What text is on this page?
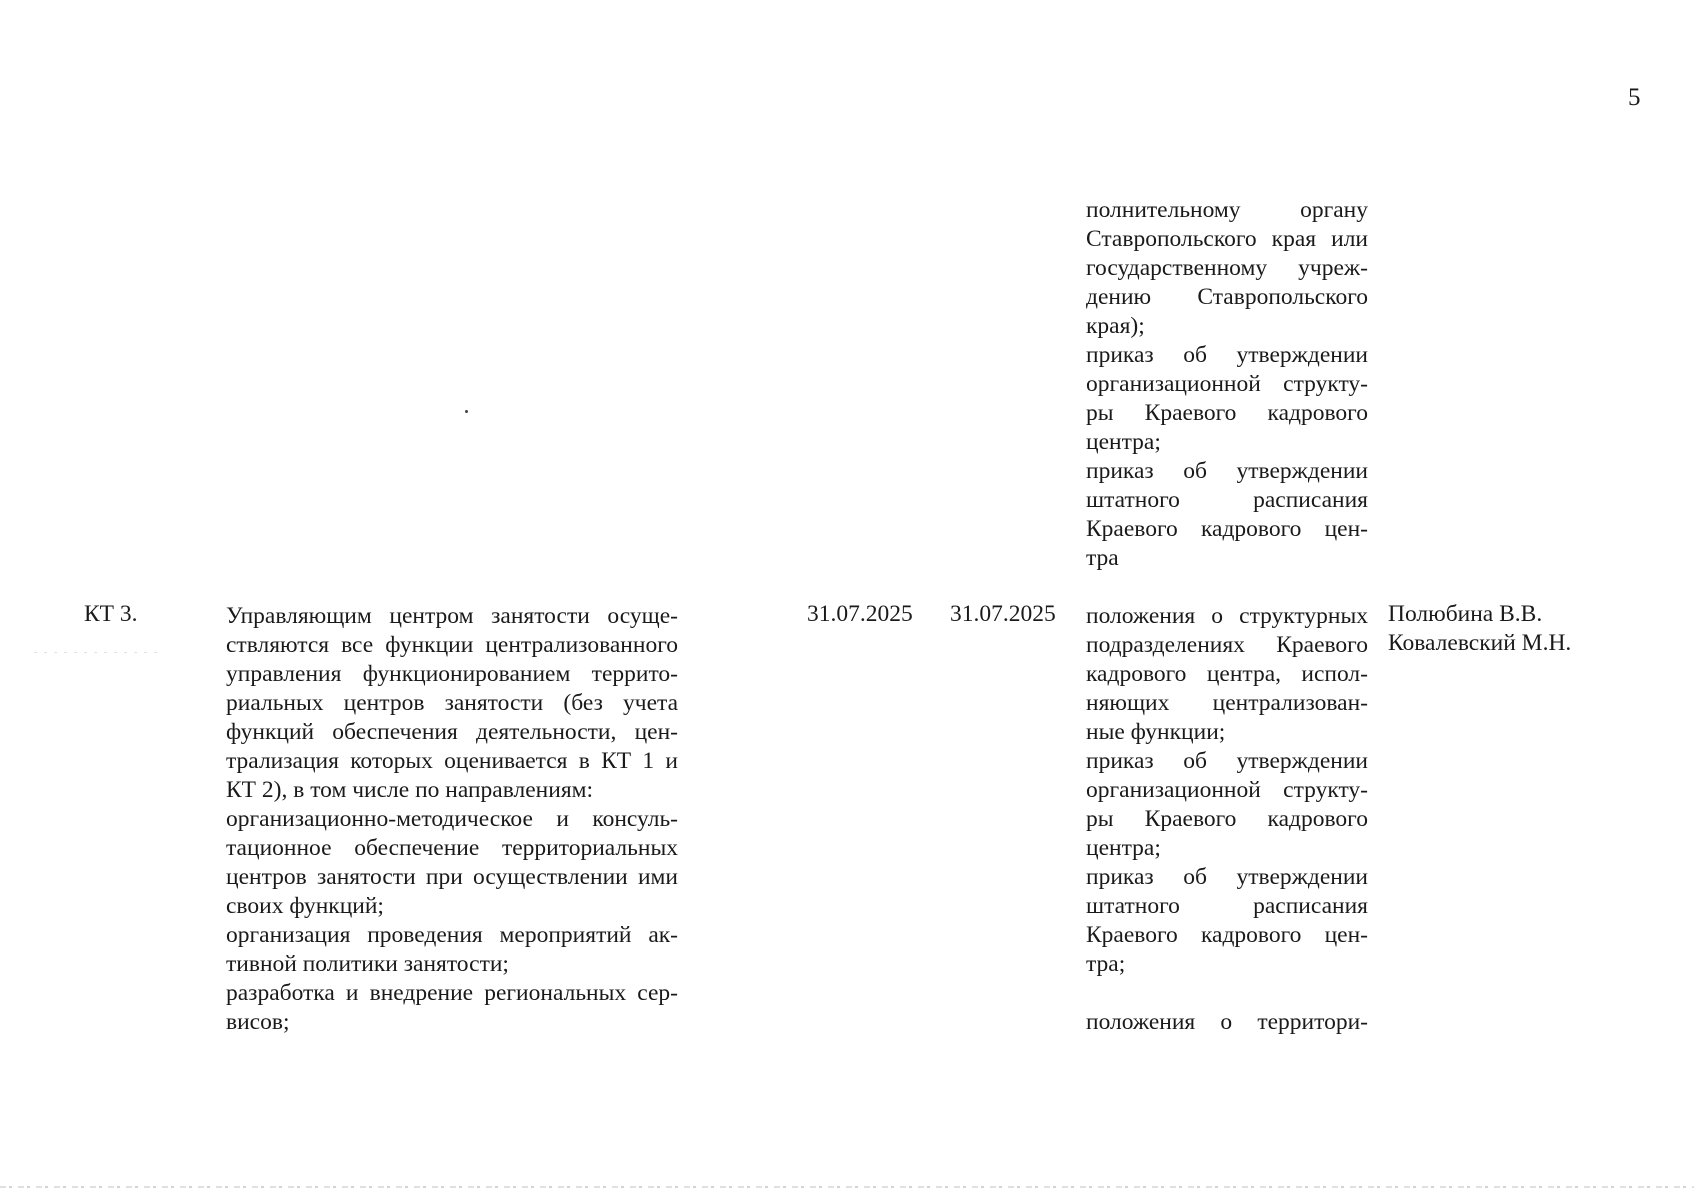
5
полнительному органу
Ставропольского края или
государственному учреж-
дению Ставропольского
края);
приказ об утверждении
организационной структу-
ры Краевого кадрового
центра;
приказ об утверждении
штатного расписания
Краевого кадрового цен-
тра
КТ 3.	Управляющим центром занятости осуще-
ствляются все функции централизованного
управления функционированием террито-
риальных центров занятости (без учета
функций обеспечения деятельности, цен-
трализация которых оценивается в КТ 1 и
КТ 2), в том числе по направлениям:
организационно-методическое и консуль-
тационное обеспечение территориальных
центров занятости при осуществлении ими
своих функций;
организация проведения мероприятий ак-
тивной политики занятости;
разработка и внедрение региональных сер-
висов;
31.07.2025 31.07.2025 положения о структурных
подразделениях Краевого
кадрового центра, испол-
няющих централизован-
ные функции;
приказ об утверждении
организационной структу-
ры Краевого кадрового
центра;
приказ об утверждении
штатного расписания
Краевого кадрового цен-
тра;
положения о территори-
Полюбина В.В.
Ковалевский М.Н.
